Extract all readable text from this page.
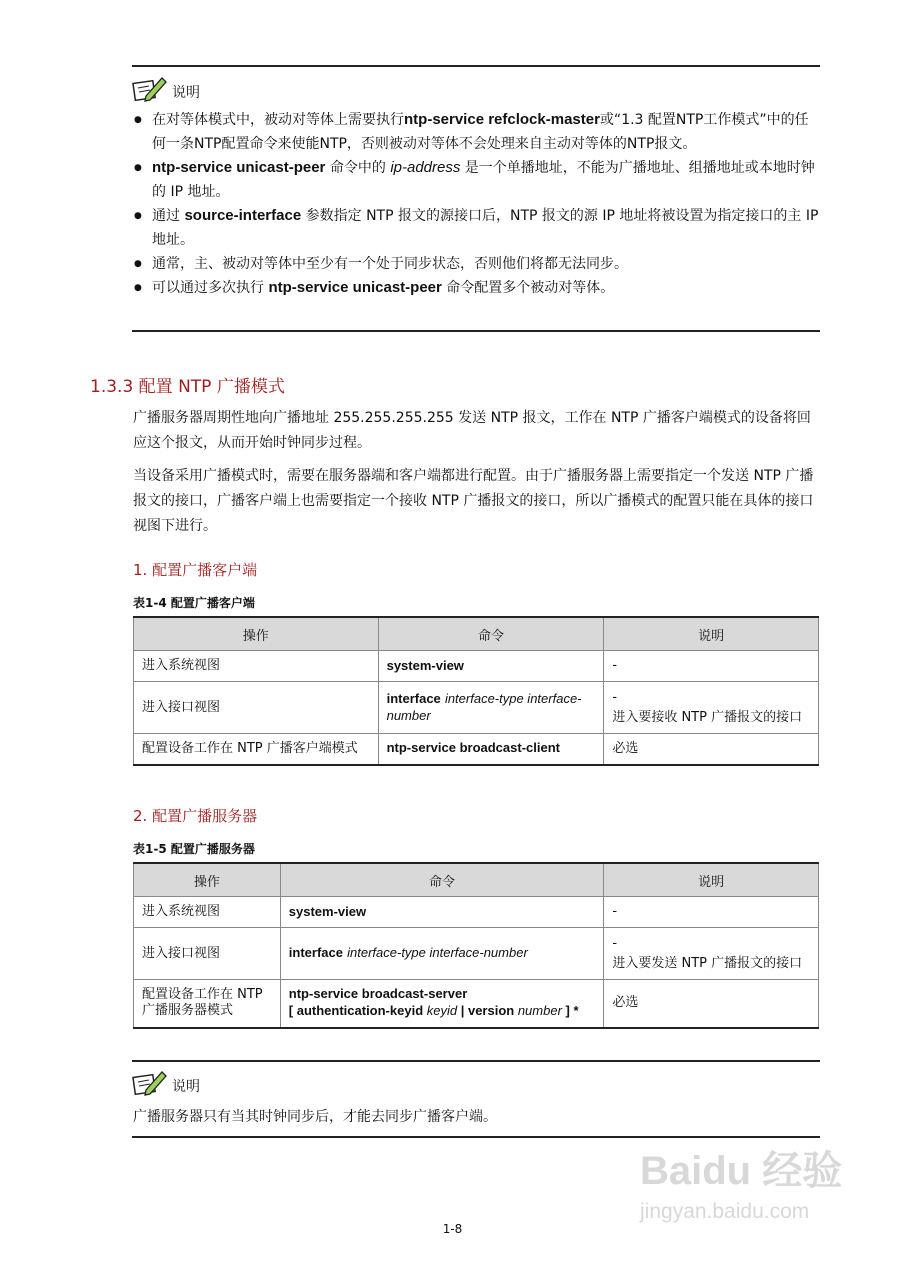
说明
● 在对等体模式中，被动对等体上需要执行ntp-service refclock-master或“1.3 配置NTP工作模式”中的任何一条NTP配置命令来使能NTP，否则被动对等体不会处理来自主动对等体的NTP报文。
● ntp-service unicast-peer 命令中的 ip-address 是一个单播地址，不能为广播地址、组播地址或本地时钟的 IP 地址。
● 通过 source-interface 参数指定 NTP 报文的源接口后，NTP 报文的源 IP 地址将被设置为指定接口的主 IP 地址。
● 通常，主、被动对等体中至少有一个处于同步状态，否则他们将都无法同步。
● 可以通过多次执行 ntp-service unicast-peer 命令配置多个被动对等体。
1.3.3 配置 NTP 广播模式
广播服务器周期性地向广播地址 255.255.255.255 发送 NTP 报文，工作在 NTP 广播客户端模式的设备将回应这个报文，从而开始时钟同步过程。
当设备采用广播模式时，需要在服务器端和客户端都进行配置。由于广播服务器上需要指定一个发送 NTP 广播报文的接口，广播客户端上也需要指定一个接收 NTP 广播报文的接口，所以广播模式的配置只能在具体的接口视图下进行。
1. 配置广播客户端
表1-4 配置广播客户端
操作	命令	说明
进入系统视图	system-view	-
进入接口视图	interface interface-type interface-number	-
进入要接收 NTP 广播报文的接口

配置设备工作在 NTP 广播客户端模式	ntp-service broadcast-client	必选
2. 配置广播服务器
表1-5 配置广播服务器
操作	命令	说明
进入系统视图	system-view	-
进入接口视图	interface interface-type interface-number	-
进入要发送 NTP 广播报文的接口

配置设备工作在 NTP 广播服务器模式	ntp-service broadcast-server
[ authentication-keyid keyid | version number ] *	必选
说明
广播服务器只有当其时钟同步后，才能去同步广播客户端。
Baidu 经验
jingyan.baidu.com
1-8
